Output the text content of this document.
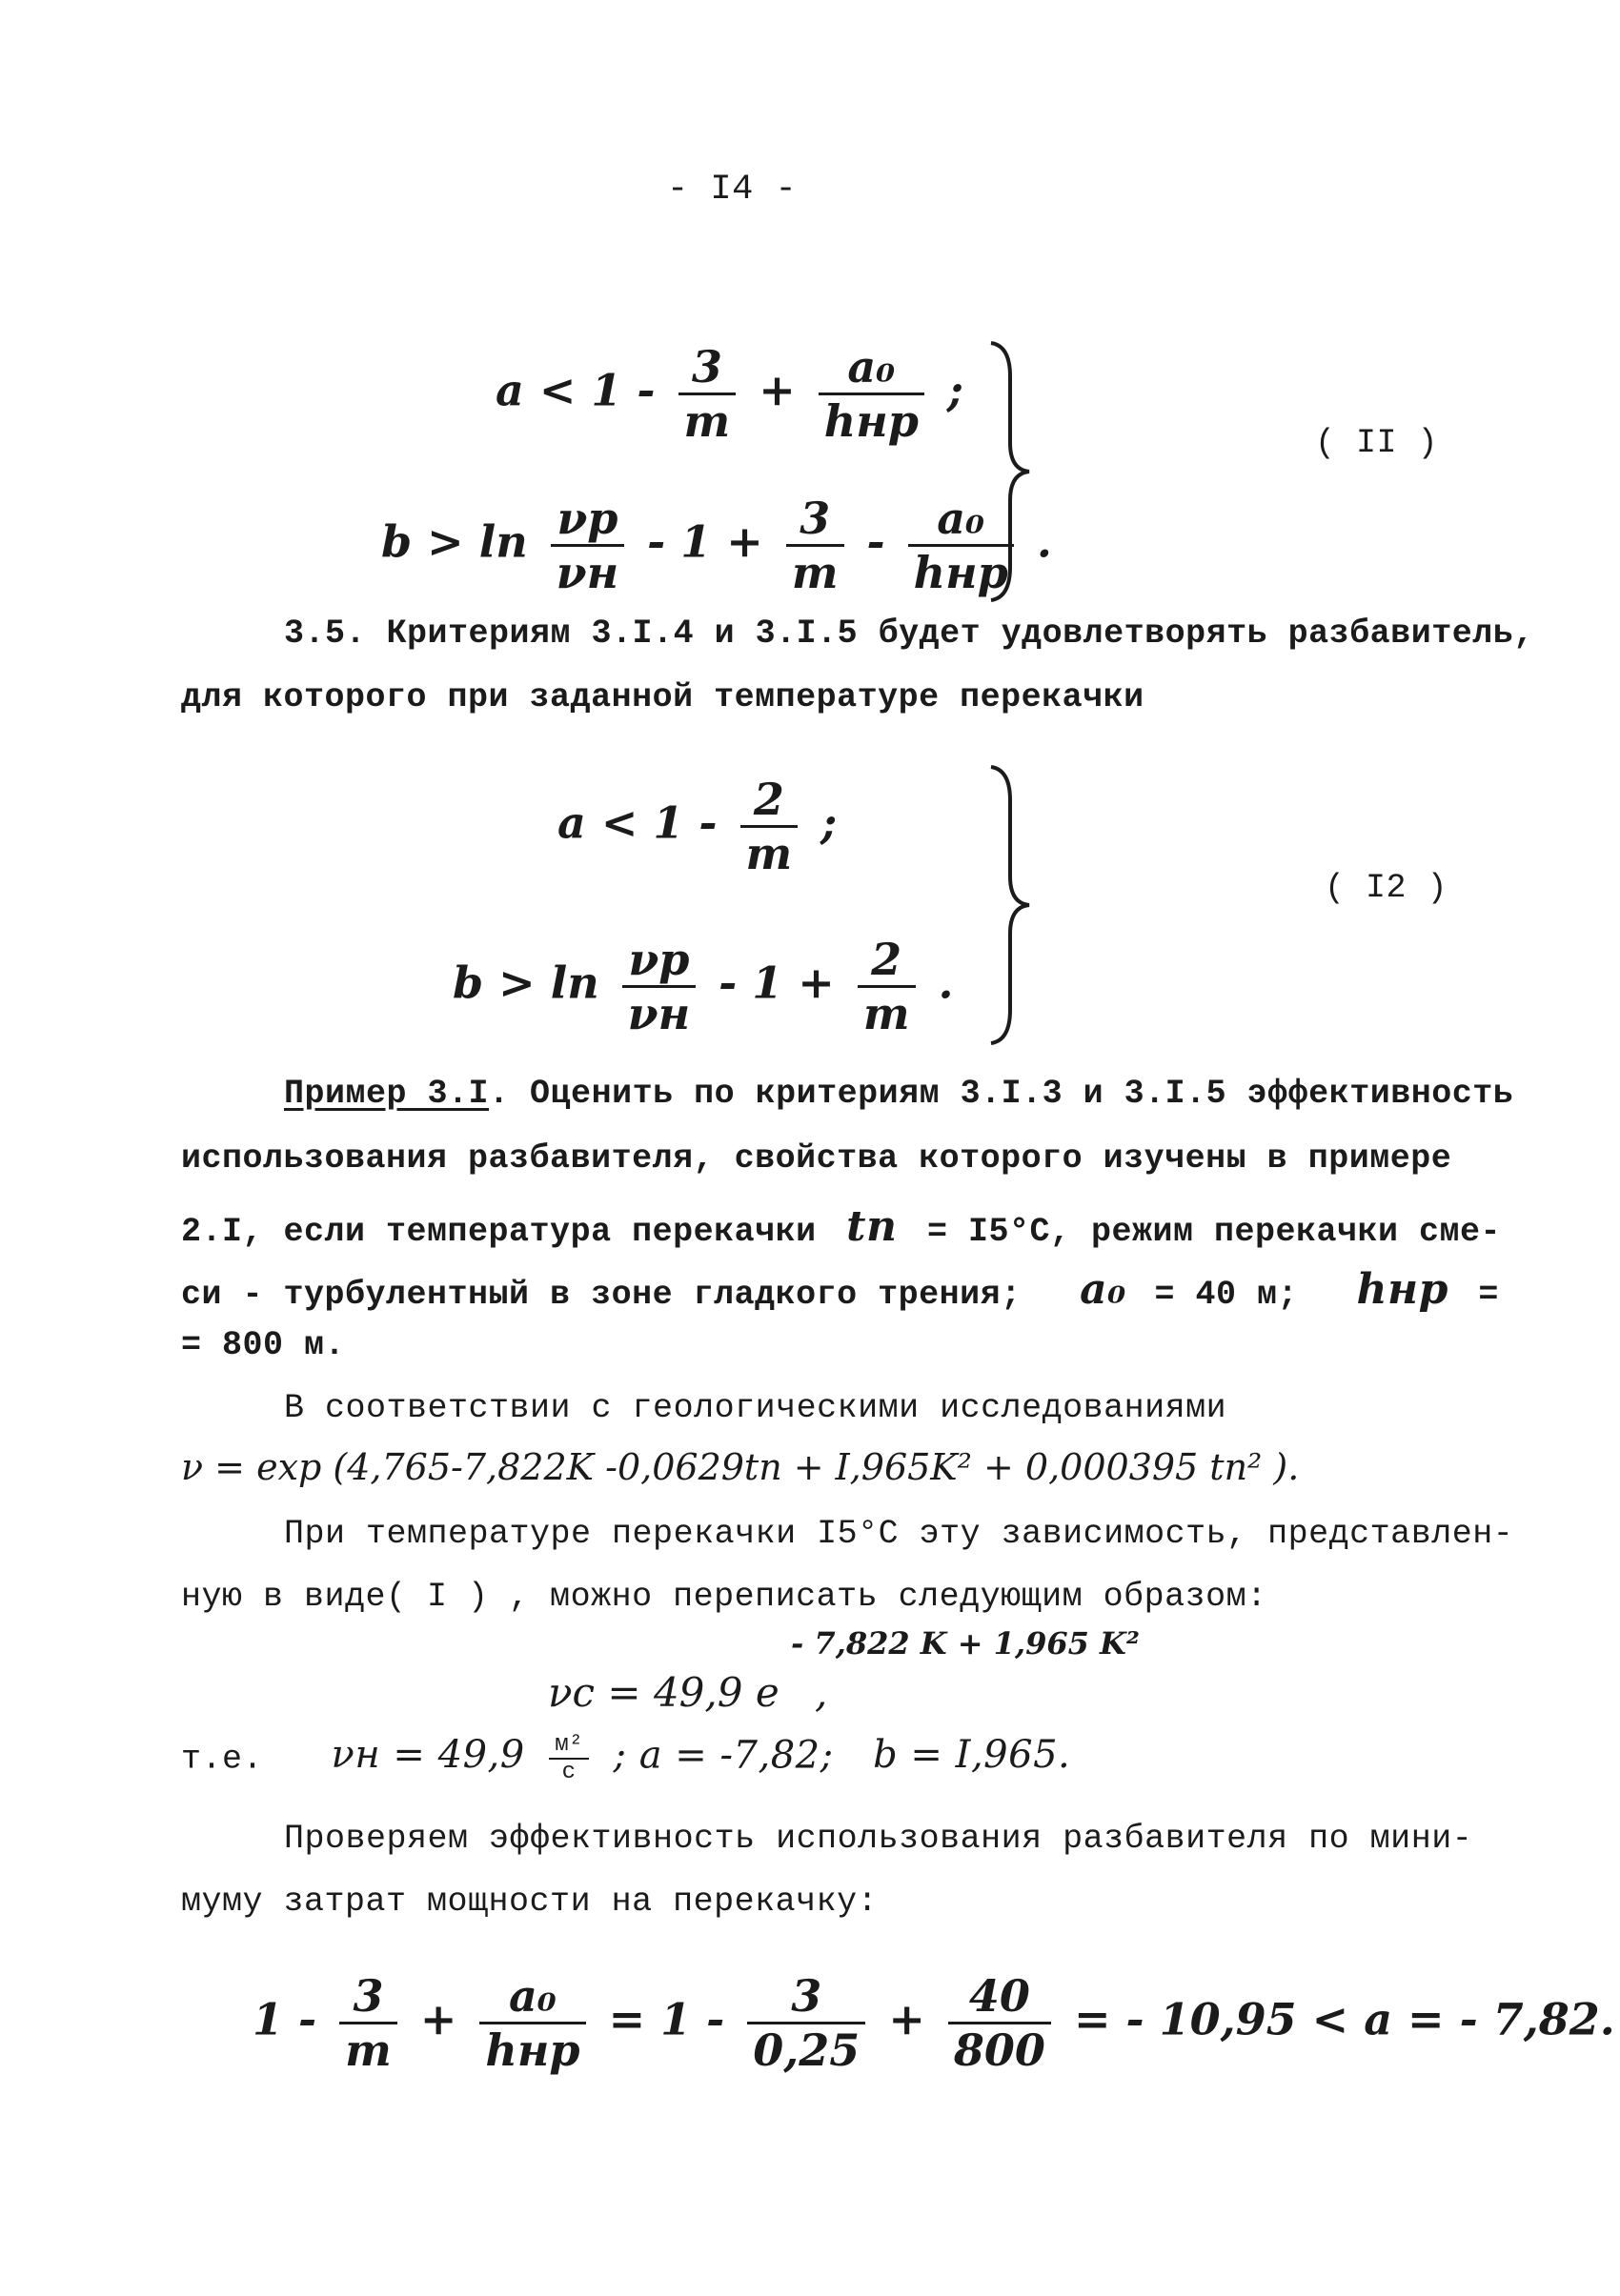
- I4 -
$a < 1 - \frac{3}{m} + \frac{\text{a₀}}{\text{hнр}}$ ;
$b > \ln \frac{\nu р}{\nu н} - 1 + \frac{3}{m} - \frac{\text{a₀}}{\text{hнр}}$ .
( II )
3.5. Критериям 3.I.4 и 3.I.5 будет удовлетворять разбавитель,
для которого при заданной температуре перекачки
$a < 1 - \frac{2}{m}$ ;
$b > \ln \frac{\nu р}{\nu н} - 1 + \frac{2}{m}$ .
( I2 )
Пример 3.I. Оценить по критериям 3.I.3 и 3.I.5 эффективность
использования разбавителя, свойства которого изучены в примере
2.I, если температура перекачки tп = I5°C, режим перекачки сме-
си - турбулентный в зоне гладкого трения; a₀ = 40 м; hнр =
= 800 м.
В соответствии с геологическими исследованиями
ν = exp (4,765-7,822K -0,0629tп + I,965K² + 0,000395 tп² ).
При температуре перекачки I5°C эту зависимость, представлен-
ную в виде( I ) , можно переписать следующим образом:
- 7,822 K + 1,965 K²
νc = 49,9 e ,
т.е. $\nu н = 49,9 \frac{\text{м²}}{с}$ ; a = -7,82; b = I,965.
Проверяем эффективность использования разбавителя по мини-
муму затрат мощности на перекачку:
$1 - \frac{3}{m} + \frac{\text{a₀}}{\text{hнр}} = 1 - \frac{3}{0,25} + \frac{40}{800}$ = - 10,95 < a = - 7,82.
